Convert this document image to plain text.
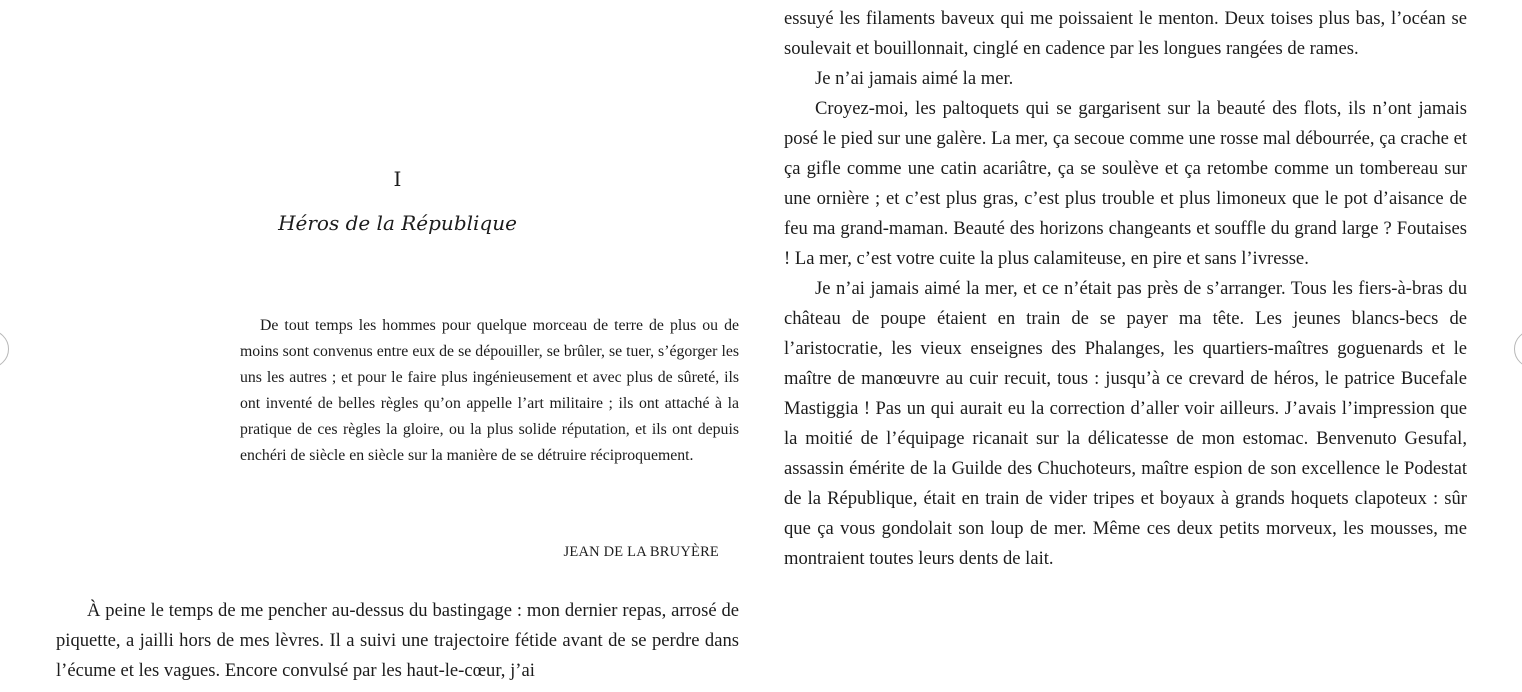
I
Héros de la République

De tout temps les hommes pour quelque morceau de terre de plus ou de moins sont convenus entre eux de se dépouiller, se brûler, se tuer, s’égorger les uns les autres ; et pour le faire plus ingénieusement et avec plus de sûreté, ils ont inventé de belles règles qu’on appelle l’art militaire ; ils ont attaché à la pratique de ces règles la gloire, ou la plus solide réputation, et ils ont depuis enchéri de siècle en siècle sur la manière de se détruire réciproquement.

JEAN DE LA BRUYÈRE

À peine le temps de me pencher au-dessus du bastingage : mon dernier repas, arrosé de piquette, a jailli hors de mes lèvres. Il a suivi une trajectoire fétide avant de se perdre dans l’écume et les vagues. Encore convulsé par les haut-le-cœur, j’ai

essuyé les filaments baveux qui me poissaient le menton. Deux toises plus bas, l’océan se soulevait et bouillonnait, cinglé en cadence par les longues rangées de rames.

Je n’ai jamais aimé la mer.

Croyez-moi, les paltoquets qui se gargarisent sur la beauté des flots, ils n’ont jamais posé le pied sur une galère. La mer, ça secoue comme une rosse mal débourrée, ça crache et ça gifle comme une catin acariâtre, ça se soulève et ça retombe comme un tombereau sur une ornière ; et c’est plus gras, c’est plus trouble et plus limoneux que le pot d’aisance de feu ma grand-maman. Beauté des horizons changeants et souffle du grand large ? Foutaises ! La mer, c’est votre cuite la plus calamiteuse, en pire et sans l’ivresse.

Je n’ai jamais aimé la mer, et ce n’était pas près de s’arranger. Tous les fiers-à-bras du château de poupe étaient en train de se payer ma tête. Les jeunes blancs-becs de l’aristocratie, les vieux enseignes des Phalanges, les quartiers-maîtres goguenards et le maître de manœuvre au cuir recuit, tous : jusqu’à ce crevard de héros, le patrice Bucefale Mastiggia ! Pas un qui aurait eu la correction d’aller voir ailleurs. J’avais l’impression que la moitié de l’équipage ricanait sur la délicatesse de mon estomac. Benvenuto Gesufal, assassin émérite de la Guilde des Chuchoteurs, maître espion de son excellence le Podestat de la République, était en train de vider tripes et boyaux à grands hoquets clapoteux : sûr que ça vous gondolait son loup de mer. Même ces deux petits morveux, les mousses, me montraient toutes leurs dents de lait.
